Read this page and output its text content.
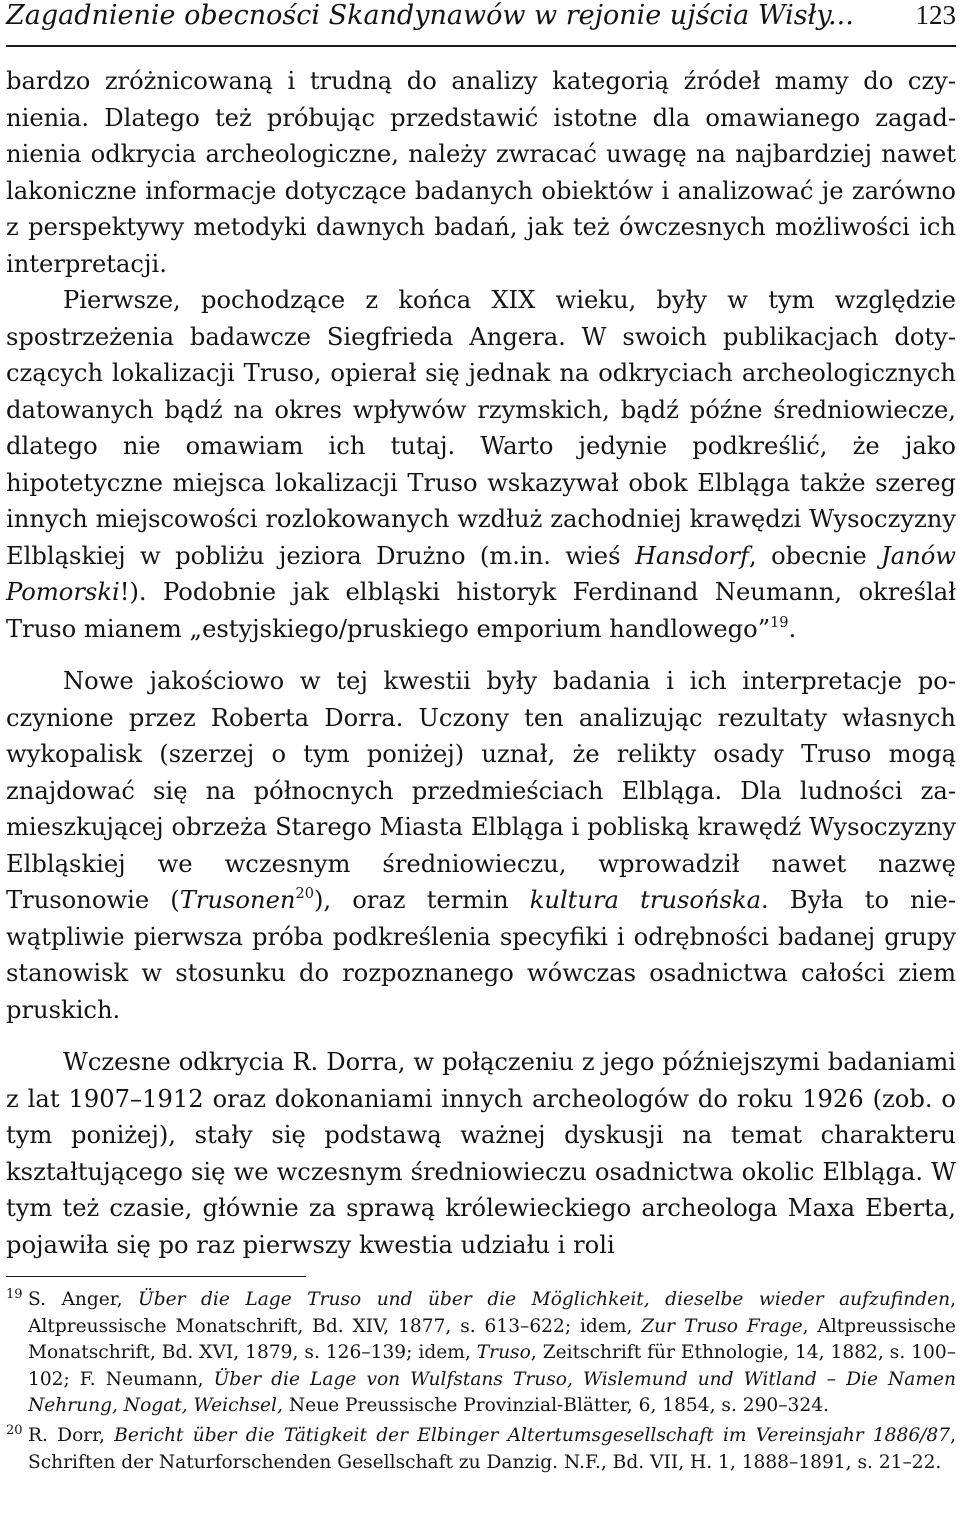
Zagadnienie obecności Skandynawów w rejonie ujścia Wisły... 123

bardzo zróżnicowaną i trudną do analizy kategorią źródeł mamy do czynienia. Dlatego też próbując przedstawić istotne dla omawianego zagadnienia odkrycia archeologiczne, należy zwracać uwagę na najbardziej nawet lakoniczne informacje dotyczące badanych obiektów i analizować je zarówno z perspektywy metodyki dawnych badań, jak też ówczesnych możliwości ich interpretacji.

Pierwsze, pochodzące z końca XIX wieku, były w tym względzie spostrzeżenia badawcze Siegfrieda Angera. W swoich publikacjach dotyczących lokalizacji Truso, opierał się jednak na odkryciach archeologicznych datowanych bądź na okres wpływów rzymskich, bądź późne średniowiecze, dlatego nie omawiam ich tutaj. Warto jedynie podkreślić, że jako hipotetyczne miejsca lokalizacji Truso wskazywał obok Elbląga także szereg innych miejscowości rozlokowanych wzdłuż zachodniej krawędzi Wysoczyzny Elbląskiej w pobliżu jeziora Drużno (m.in. wieś Hansdorf, obecnie Janów Pomorski!). Podobnie jak elbląski historyk Ferdinand Neumann, określał Truso mianem „estyjskiego/pruskiego emporium handlowego”$^{19}$.

Nowe jakościowo w tej kwestii były badania i ich interpretacje poczynione przez Roberta Dorra. Uczony ten analizując rezultaty własnych wykopalisk (szerzej o tym poniżej) uznał, że relikty osady Truso mogą znajdować się na północnych przedmieściach Elbląga. Dla ludności zamieszkującej obrzeża Starego Miasta Elbląga i pobliską krawędź Wysoczyzny Elbląskiej we wczesnym średniowieczu, wprowadził nawet nazwę Trusonowie (Trusonen$^{20}$), oraz termin kultura trusońska. Była to niewątpliwie pierwsza próba podkreślenia specyfiki i odrębności badanej grupy stanowisk w stosunku do rozpoznanego wówczas osadnictwa całości ziem pruskich.

Wczesne odkrycia R. Dorra, w połączeniu z jego późniejszymi badaniami z lat 1907–1912 oraz dokonaniami innych archeologów do roku 1926 (zob. o tym poniżej), stały się podstawą ważnej dyskusji na temat charakteru kształtującego się we wczesnym średniowieczu osadnictwa okolic Elbląga. W tym też czasie, głównie za sprawą królewieckiego archeologa Maxa Eberta, pojawiła się po raz pierwszy kwestia udziału i roli

19 S. Anger, Über die Lage Truso und über die Möglichkeit, dieselbe wieder aufzufinden, Altpreussische Monatschrift, Bd. XIV, 1877, s. 613–622; idem, Zur Truso Frage, Altpreussische Monatschrift, Bd. XVI, 1879, s. 126–139; idem, Truso, Zeitschrift für Ethnologie, 14, 1882, s. 100–102; F. Neumann, Über die Lage von Wulfstans Truso, Wislemund und Witland – Die Namen Nehrung, Nogat, Weichsel, Neue Preussische Provinzial-Blätter, 6, 1854, s. 290–324.

20 R. Dorr, Bericht über die Tätigkeit der Elbinger Altertumsgesellschaft im Vereinsjahr 1886/87, Schriften der Naturforschenden Gesellschaft zu Danzig. N.F., Bd. VII, H. 1, 1888–1891, s. 21–22.
